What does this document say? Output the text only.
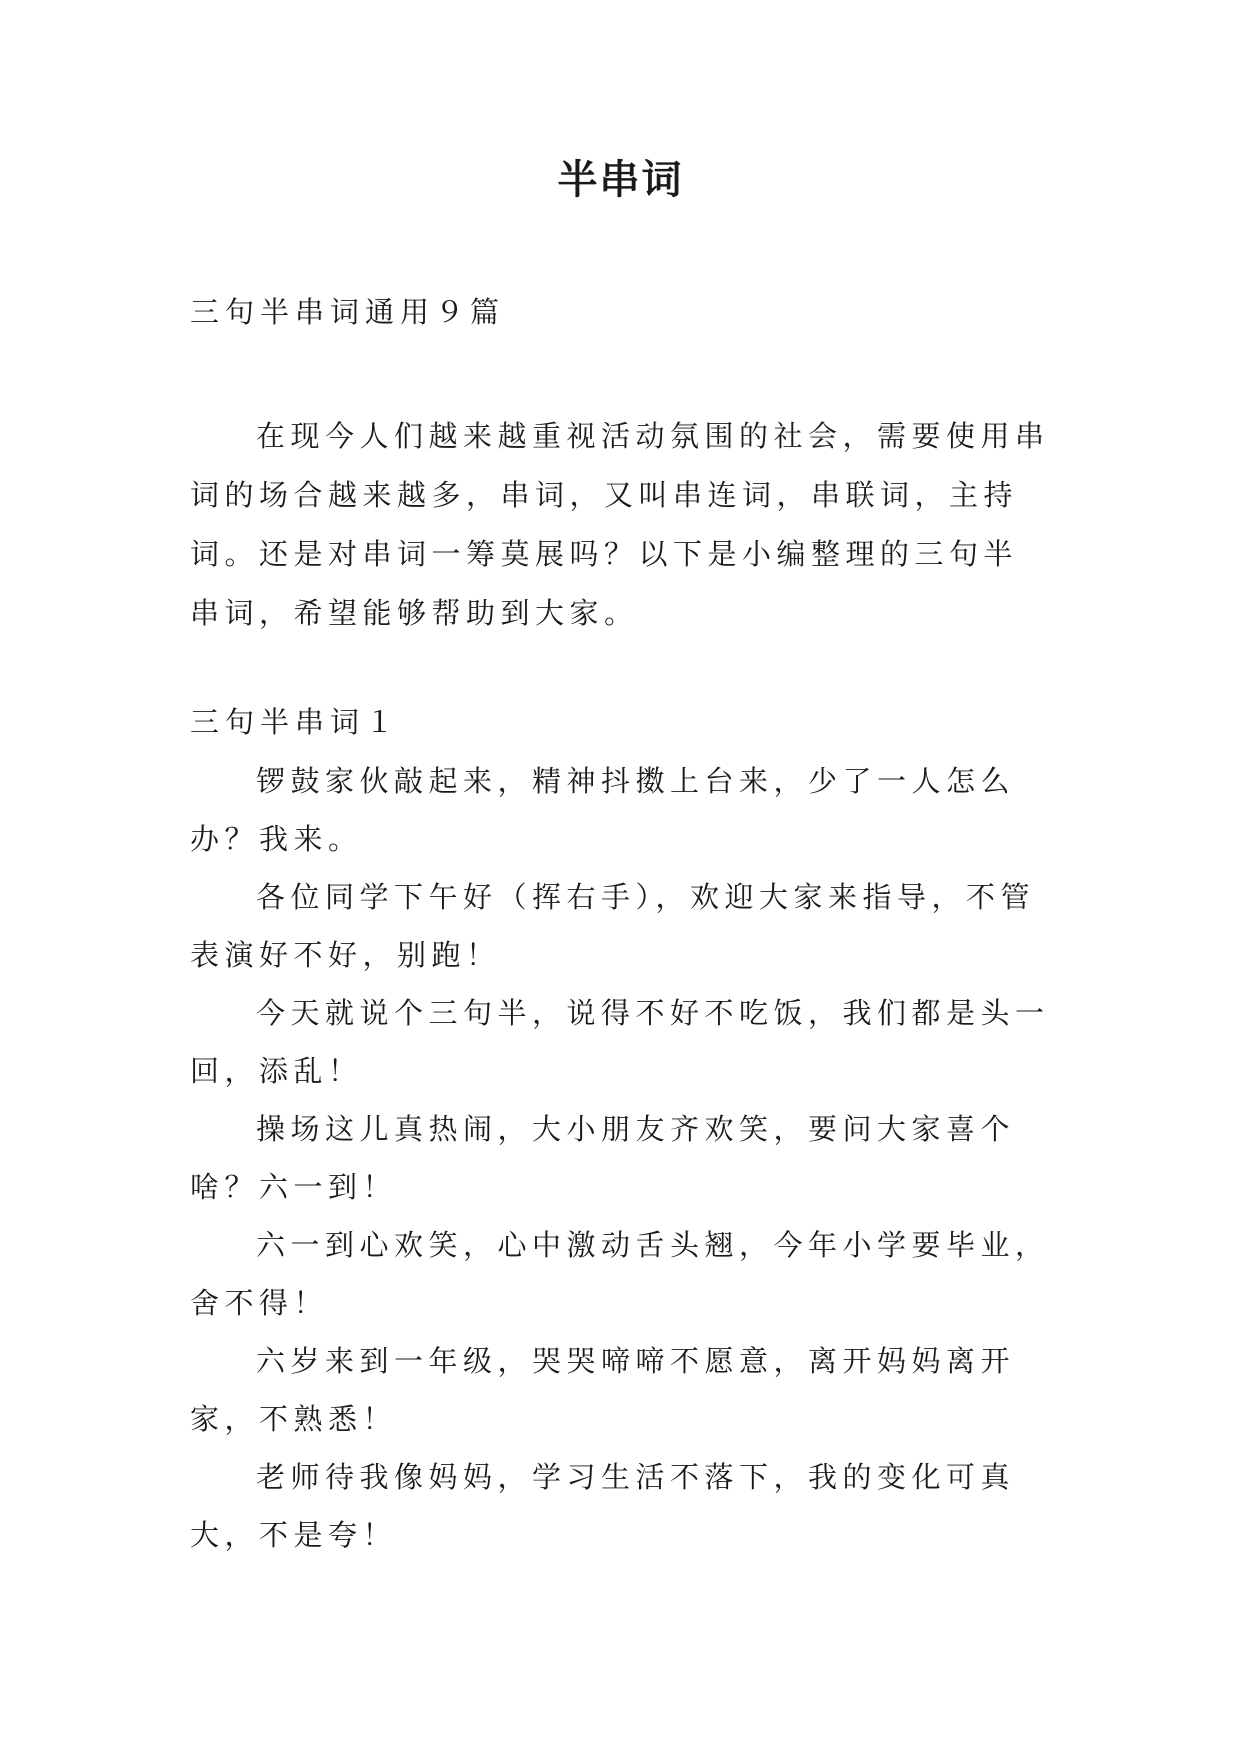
半串词
三句半串词通用９篇

在现今人们越来越重视活动氛围的社会，需要使用串词的场合越来越多，串词，又叫串连词，串联词，主持词。还是对串词一筹莫展吗？以下是小编整理的三句半串词，希望能够帮助到大家。

三句半串词１

锣鼓家伙敲起来，精神抖擞上台来，少了一人怎么办？我来。

各位同学下午好（挥右手），欢迎大家来指导，不管表演好不好，别跑！

今天就说个三句半，说得不好不吃饭，我们都是头一回，添乱！

操场这儿真热闹，大小朋友齐欢笑，要问大家喜个啥？六一到！

六一到心欢笑，心中激动舌头翘，今年小学要毕业，舍不得！

六岁来到一年级，哭哭啼啼不愿意，离开妈妈离开家，不熟悉！

老师待我像妈妈，学习生活不落下，我的变化可真大，不是夸！
